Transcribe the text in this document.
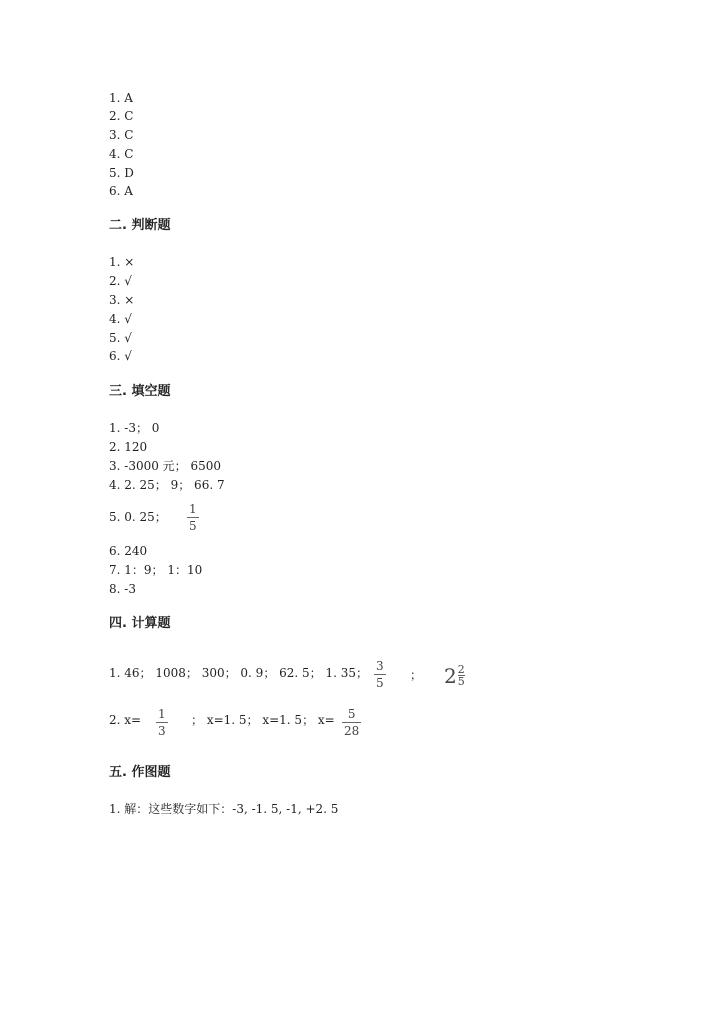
1. A
2. C
3. C
4. C
5. D
6. A
二. 判断题
1. ×
2. √
3. ×
4. √
5. √
6. √
三. 填空题
1. -3； 0
2. 120
3. -3000 元； 6500
4. 2. 25； 9； 66. 7
5. 0. 25；
1
5
6. 240
7. 1：9； 1：10
8. -3
四. 计算题
1. 46； 1008； 300； 0. 9； 62. 5； 1. 35； 3
5
； $2\frac{2}{5}$
2. x= 1
3
； x=1. 5； x=1. 5； x=	5
28
五. 作图题
1. 解：这些数字如下：-3, -1. 5, -1, +2. 5
